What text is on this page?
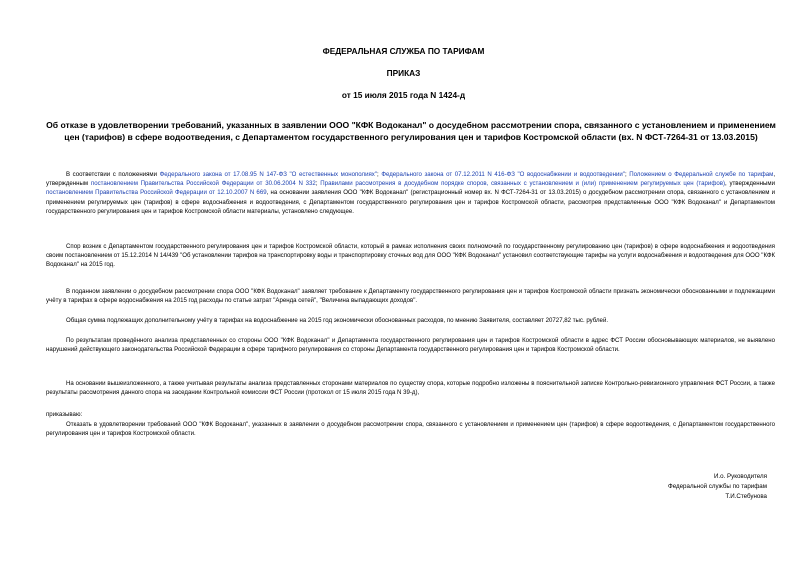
ФЕДЕРАЛЬНАЯ СЛУЖБА ПО ТАРИФАМ
ПРИКАЗ
от 15 июля 2015 года N 1424-д
Об отказе в удовлетворении требований, указанных в заявлении ООО "КФК Водоканал" о досудебном рассмотрении спора, связанного с установлением и применением цен (тарифов) в сфере водоотведения, с Департаментом государственного регулирования цен и тарифов Костромской области (вх. N ФСТ-7264-31 от 13.03.2015)
В соответствии с положениями Федерального закона от 17.08.95 N 147-ФЗ "О естественных монополиях"; Федерального закона от 07.12.2011 N 416-ФЗ "О водоснабжении и водоотведении"; Положением о Федеральной службе по тарифам, утвержденным постановлением Правительства Российской Федерации от 30.06.2004 N 332; Правилами рассмотрения в досудебном порядке споров, связанных с установлением и (или) применением регулируемых цен (тарифов), утвержденными постановлением Правительства Российской Федерации от 12.10.2007 N 669, на основании заявления ООО "КФК Водоканал" (регистрационный номер вх. N ФСТ-7264-31 от 13.03.2015) о досудебном рассмотрении спора, связанного с установлением и применением регулируемых цен (тарифов) в сфере водоснабжения и водоотведения, с Департаментом государственного регулирования цен и тарифов Костромской области, рассмотрев представленные ООО "КФК Водоканал" и Департаментом государственного регулирования цен и тарифов Костромской области материалы, установлено следующее.
Спор возник с Департаментом государственного регулирования цен и тарифов Костромской области, который в рамках исполнения своих полномочий по государственному регулированию цен (тарифов) в сфере водоснабжения и водоотведения своим постановлением от 15.12.2014 N 14/439 "Об установлении тарифов на транспортировку воды и транспортировку сточных вод для ООО "КФК Водоканал" установил соответствующие тарифы на услуги водоснабжения и водоотведения для ООО "КФК Водоканал" на 2015 год.
В поданном заявлении о досудебном рассмотрении спора ООО "КФК Водоканал" заявляет требование к Департаменту государственного регулирования цен и тарифов Костромской области признать экономически обоснованными и подлежащими учёту в тарифах в сфере водоснабжения на 2015 год расходы по статье затрат "Аренда сетей", "Величина выпадающих доходов".
Общая сумма подлежащих дополнительному учёту в тарифах на водоснабжение на 2015 год экономически обоснованных расходов, по мнению Заявителя, составляет 20727,82 тыс. рублей.
По результатам проведённого анализа представленных со стороны ООО "КФК Водоканал" и Департамента государственного регулирования цен и тарифов Костромской области в адрес ФСТ России обосновывающих материалов, не выявлено нарушений действующего законодательства Российской Федерации в сфере тарифного регулирования со стороны Департамента государственного регулирования цен и тарифов Костромской области.
На основании вышеизложенного, а также учитывая результаты анализа представленных сторонами материалов по существу спора, которые подробно изложены в пояснительной записке Контрольно-ревизионного управления ФСТ России, а также результаты рассмотрения данного спора на заседании Контрольной комиссии ФСТ России (протокол от 15 июля 2015 года N 39-д),
приказываю:
Отказать в удовлетворении требований ООО "КФК Водоканал", указанных в заявлении о досудебном рассмотрении спора, связанного с установлением и применением цен (тарифов) в сфере водоотведения, с Департаментом государственного регулирования цен и тарифов Костромской области.
И.о. Руководителя
Федеральной службы по тарифам
Т.И.Стебунова
